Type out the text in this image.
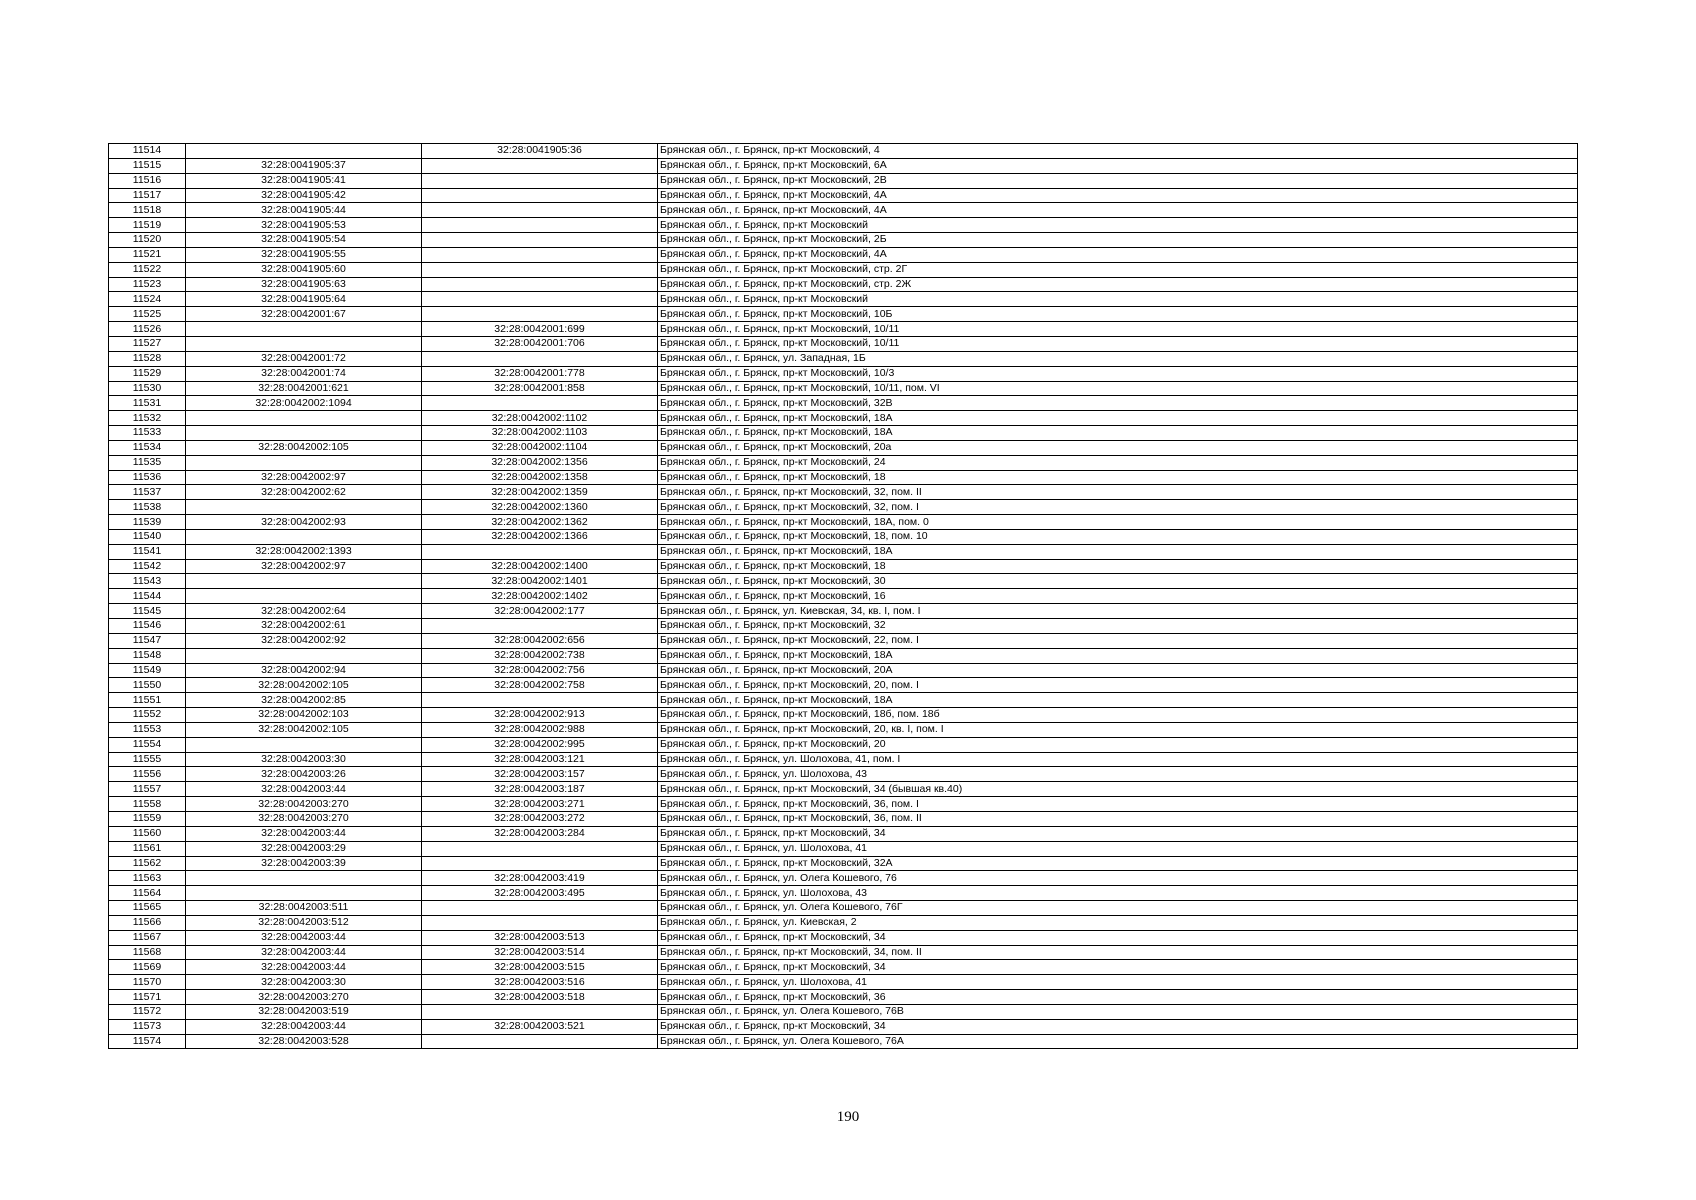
11514		32:28:0041905:36	Брянская обл., г. Брянск, пр-кт Московский, 4
11515	32:28:0041905:37		Брянская обл., г. Брянск, пр-кт Московский, 6А
11516	32:28:0041905:41		Брянская обл., г. Брянск, пр-кт Московский, 2В
11517	32:28:0041905:42		Брянская обл., г. Брянск, пр-кт Московский, 4А
11518	32:28:0041905:44		Брянская обл., г. Брянск, пр-кт Московский, 4А
11519	32:28:0041905:53		Брянская обл., г. Брянск, пр-кт Московский
11520	32:28:0041905:54		Брянская обл., г. Брянск, пр-кт Московский, 2Б
11521	32:28:0041905:55		Брянская обл., г. Брянск, пр-кт Московский, 4А
11522	32:28:0041905:60		Брянская обл., г. Брянск, пр-кт Московский, стр. 2Г
11523	32:28:0041905:63		Брянская обл., г. Брянск, пр-кт Московский, стр. 2Ж
11524	32:28:0041905:64		Брянская обл., г. Брянск, пр-кт Московский
11525	32:28:0042001:67		Брянская обл., г. Брянск, пр-кт Московский, 10Б
11526		32:28:0042001:699	Брянская обл., г. Брянск, пр-кт Московский, 10/11
11527		32:28:0042001:706	Брянская обл., г. Брянск, пр-кт Московский, 10/11
11528	32:28:0042001:72		Брянская обл., г. Брянск, ул. Западная, 1Б
11529	32:28:0042001:74	32:28:0042001:778	Брянская обл., г. Брянск, пр-кт Московский, 10/3
11530	32:28:0042001:621	32:28:0042001:858	Брянская обл., г. Брянск, пр-кт Московский, 10/11, пом. VI
11531	32:28:0042002:1094		Брянская обл., г. Брянск, пр-кт Московский, 32В
11532		32:28:0042002:1102	Брянская обл., г. Брянск, пр-кт Московский, 18А
11533		32:28:0042002:1103	Брянская обл., г. Брянск, пр-кт Московский, 18А
11534	32:28:0042002:105	32:28:0042002:1104	Брянская обл., г. Брянск, пр-кт Московский, 20а
11535		32:28:0042002:1356	Брянская обл., г. Брянск, пр-кт Московский, 24
11536	32:28:0042002:97	32:28:0042002:1358	Брянская обл., г. Брянск, пр-кт Московский, 18
11537	32:28:0042002:62	32:28:0042002:1359	Брянская обл., г. Брянск, пр-кт Московский, 32, пом. II
11538		32:28:0042002:1360	Брянская обл., г. Брянск, пр-кт Московский, 32, пом. I
11539	32:28:0042002:93	32:28:0042002:1362	Брянская обл., г. Брянск, пр-кт Московский, 18А, пом. 0
11540		32:28:0042002:1366	Брянская обл., г. Брянск, пр-кт Московский, 18, пом. 10
11541	32:28:0042002:1393		Брянская обл., г. Брянск, пр-кт Московский, 18А
11542	32:28:0042002:97	32:28:0042002:1400	Брянская обл., г. Брянск, пр-кт Московский, 18
11543		32:28:0042002:1401	Брянская обл., г. Брянск, пр-кт Московский, 30
11544		32:28:0042002:1402	Брянская обл., г. Брянск, пр-кт Московский, 16
11545	32:28:0042002:64	32:28:0042002:177	Брянская обл., г. Брянск, ул. Киевская, 34, кв. I, пом. I
11546	32:28:0042002:61		Брянская обл., г. Брянск, пр-кт Московский, 32
11547	32:28:0042002:92	32:28:0042002:656	Брянская обл., г. Брянск, пр-кт Московский, 22, пом. I
11548		32:28:0042002:738	Брянская обл., г. Брянск, пр-кт Московский, 18А
11549	32:28:0042002:94	32:28:0042002:756	Брянская обл., г. Брянск, пр-кт Московский, 20А
11550	32:28:0042002:105	32:28:0042002:758	Брянская обл., г. Брянск, пр-кт Московский, 20, пом. I
11551	32:28:0042002:85		Брянская обл., г. Брянск, пр-кт Московский, 18А
11552	32:28:0042002:103	32:28:0042002:913	Брянская обл., г. Брянск, пр-кт Московский, 18б, пом. 18б
11553	32:28:0042002:105	32:28:0042002:988	Брянская обл., г. Брянск, пр-кт Московский, 20, кв. I, пом. I
11554		32:28:0042002:995	Брянская обл., г. Брянск, пр-кт Московский, 20
11555	32:28:0042003:30	32:28:0042003:121	Брянская обл., г. Брянск, ул. Шолохова, 41, пом. I
11556	32:28:0042003:26	32:28:0042003:157	Брянская обл., г. Брянск, ул. Шолохова, 43
11557	32:28:0042003:44	32:28:0042003:187	Брянская обл., г. Брянск, пр-кт Московский, 34 (бывшая кв.40)
11558	32:28:0042003:270	32:28:0042003:271	Брянская обл., г. Брянск, пр-кт Московский, 36, пом. I
11559	32:28:0042003:270	32:28:0042003:272	Брянская обл., г. Брянск, пр-кт Московский, 36, пом. II
11560	32:28:0042003:44	32:28:0042003:284	Брянская обл., г. Брянск, пр-кт Московский, 34
11561	32:28:0042003:29		Брянская обл., г. Брянск, ул. Шолохова, 41
11562	32:28:0042003:39		Брянская обл., г. Брянск, пр-кт Московский, 32А
11563		32:28:0042003:419	Брянская обл., г. Брянск, ул. Олега Кошевого, 76
11564		32:28:0042003:495	Брянская обл., г. Брянск, ул. Шолохова, 43
11565	32:28:0042003:511		Брянская обл., г. Брянск, ул. Олега Кошевого, 76Г
11566	32:28:0042003:512		Брянская обл., г. Брянск, ул. Киевская, 2
11567	32:28:0042003:44	32:28:0042003:513	Брянская обл., г. Брянск, пр-кт Московский, 34
11568	32:28:0042003:44	32:28:0042003:514	Брянская обл., г. Брянск, пр-кт Московский, 34, пом. II
11569	32:28:0042003:44	32:28:0042003:515	Брянская обл., г. Брянск, пр-кт Московский, 34
11570	32:28:0042003:30	32:28:0042003:516	Брянская обл., г. Брянск, ул. Шолохова, 41
11571	32:28:0042003:270	32:28:0042003:518	Брянская обл., г. Брянск, пр-кт Московский, 36
11572	32:28:0042003:519		Брянская обл., г. Брянск, ул. Олега Кошевого, 76В
11573	32:28:0042003:44	32:28:0042003:521	Брянская обл., г. Брянск, пр-кт Московский, 34
11574	32:28:0042003:528		Брянская обл., г. Брянск, ул. Олега Кошевого, 76А
190
